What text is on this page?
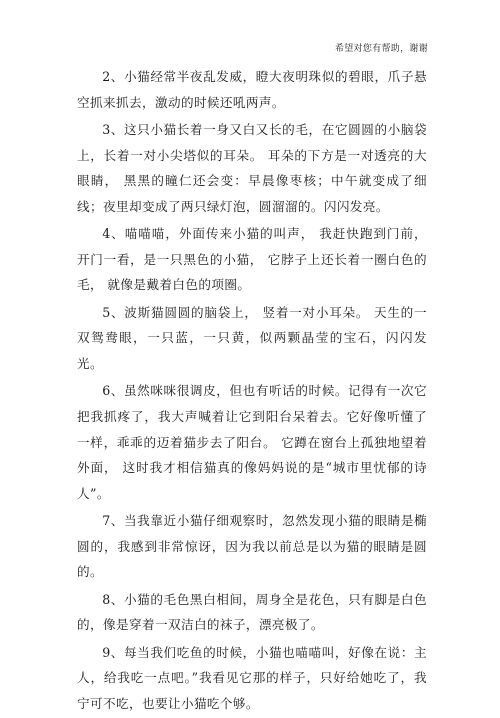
希望对您有帮助，谢谢

2、小猫经常半夜乱发威，瞪大夜明珠似的碧眼，爪子悬空抓来抓去，激动的时候还吼两声。

3、这只小猫长着一身又白又长的毛，在它圆圆的小脑袋上，长着一对小尖塔似的耳朵。 耳朵的下方是一对透亮的大眼睛， 黑黑的瞳仁还会变：早晨像枣核；中午就变成了细线；夜里却变成了两只绿灯泡，圆溜溜的。闪闪发亮。

4、喵喵喵，外面传来小猫的叫声， 我赶快跑到门前， 开门一看，是一只黑色的小猫， 它脖子上还长着一圈白色的毛， 就像是戴着白色的项圈。

5、波斯猫圆圆的脑袋上， 竖着一对小耳朵。 天生的一双鸳鸯眼，一只蓝，一只黄，似两颗晶莹的宝石，闪闪发光。

6、虽然咪咪很调皮，但也有听话的时候。记得有一次它把我抓疼了，我大声喊着让它到阳台呆着去。它好像听懂了一样，乖乖的迈着猫步去了阳台。 它蹲在窗台上孤独地望着外面， 这时我才相信猫真的像妈妈说的是“城市里忧郁的诗人”。

7、当我靠近小猫仔细观察时，忽然发现小猫的眼睛是椭圆的，我感到非常惊讶，因为我以前总是以为猫的眼睛是圆的。

8、小猫的毛色黑白相间，周身全是花色，只有脚是白色的，像是穿着一双洁白的袜子，漂亮极了。

9、每当我们吃鱼的时候，小猫也喵喵叫，好像在说：主人，给我吃一点吧。”我看见它那的样子，只好给她吃了，我宁可不吃，也要让小猫吃个够。
